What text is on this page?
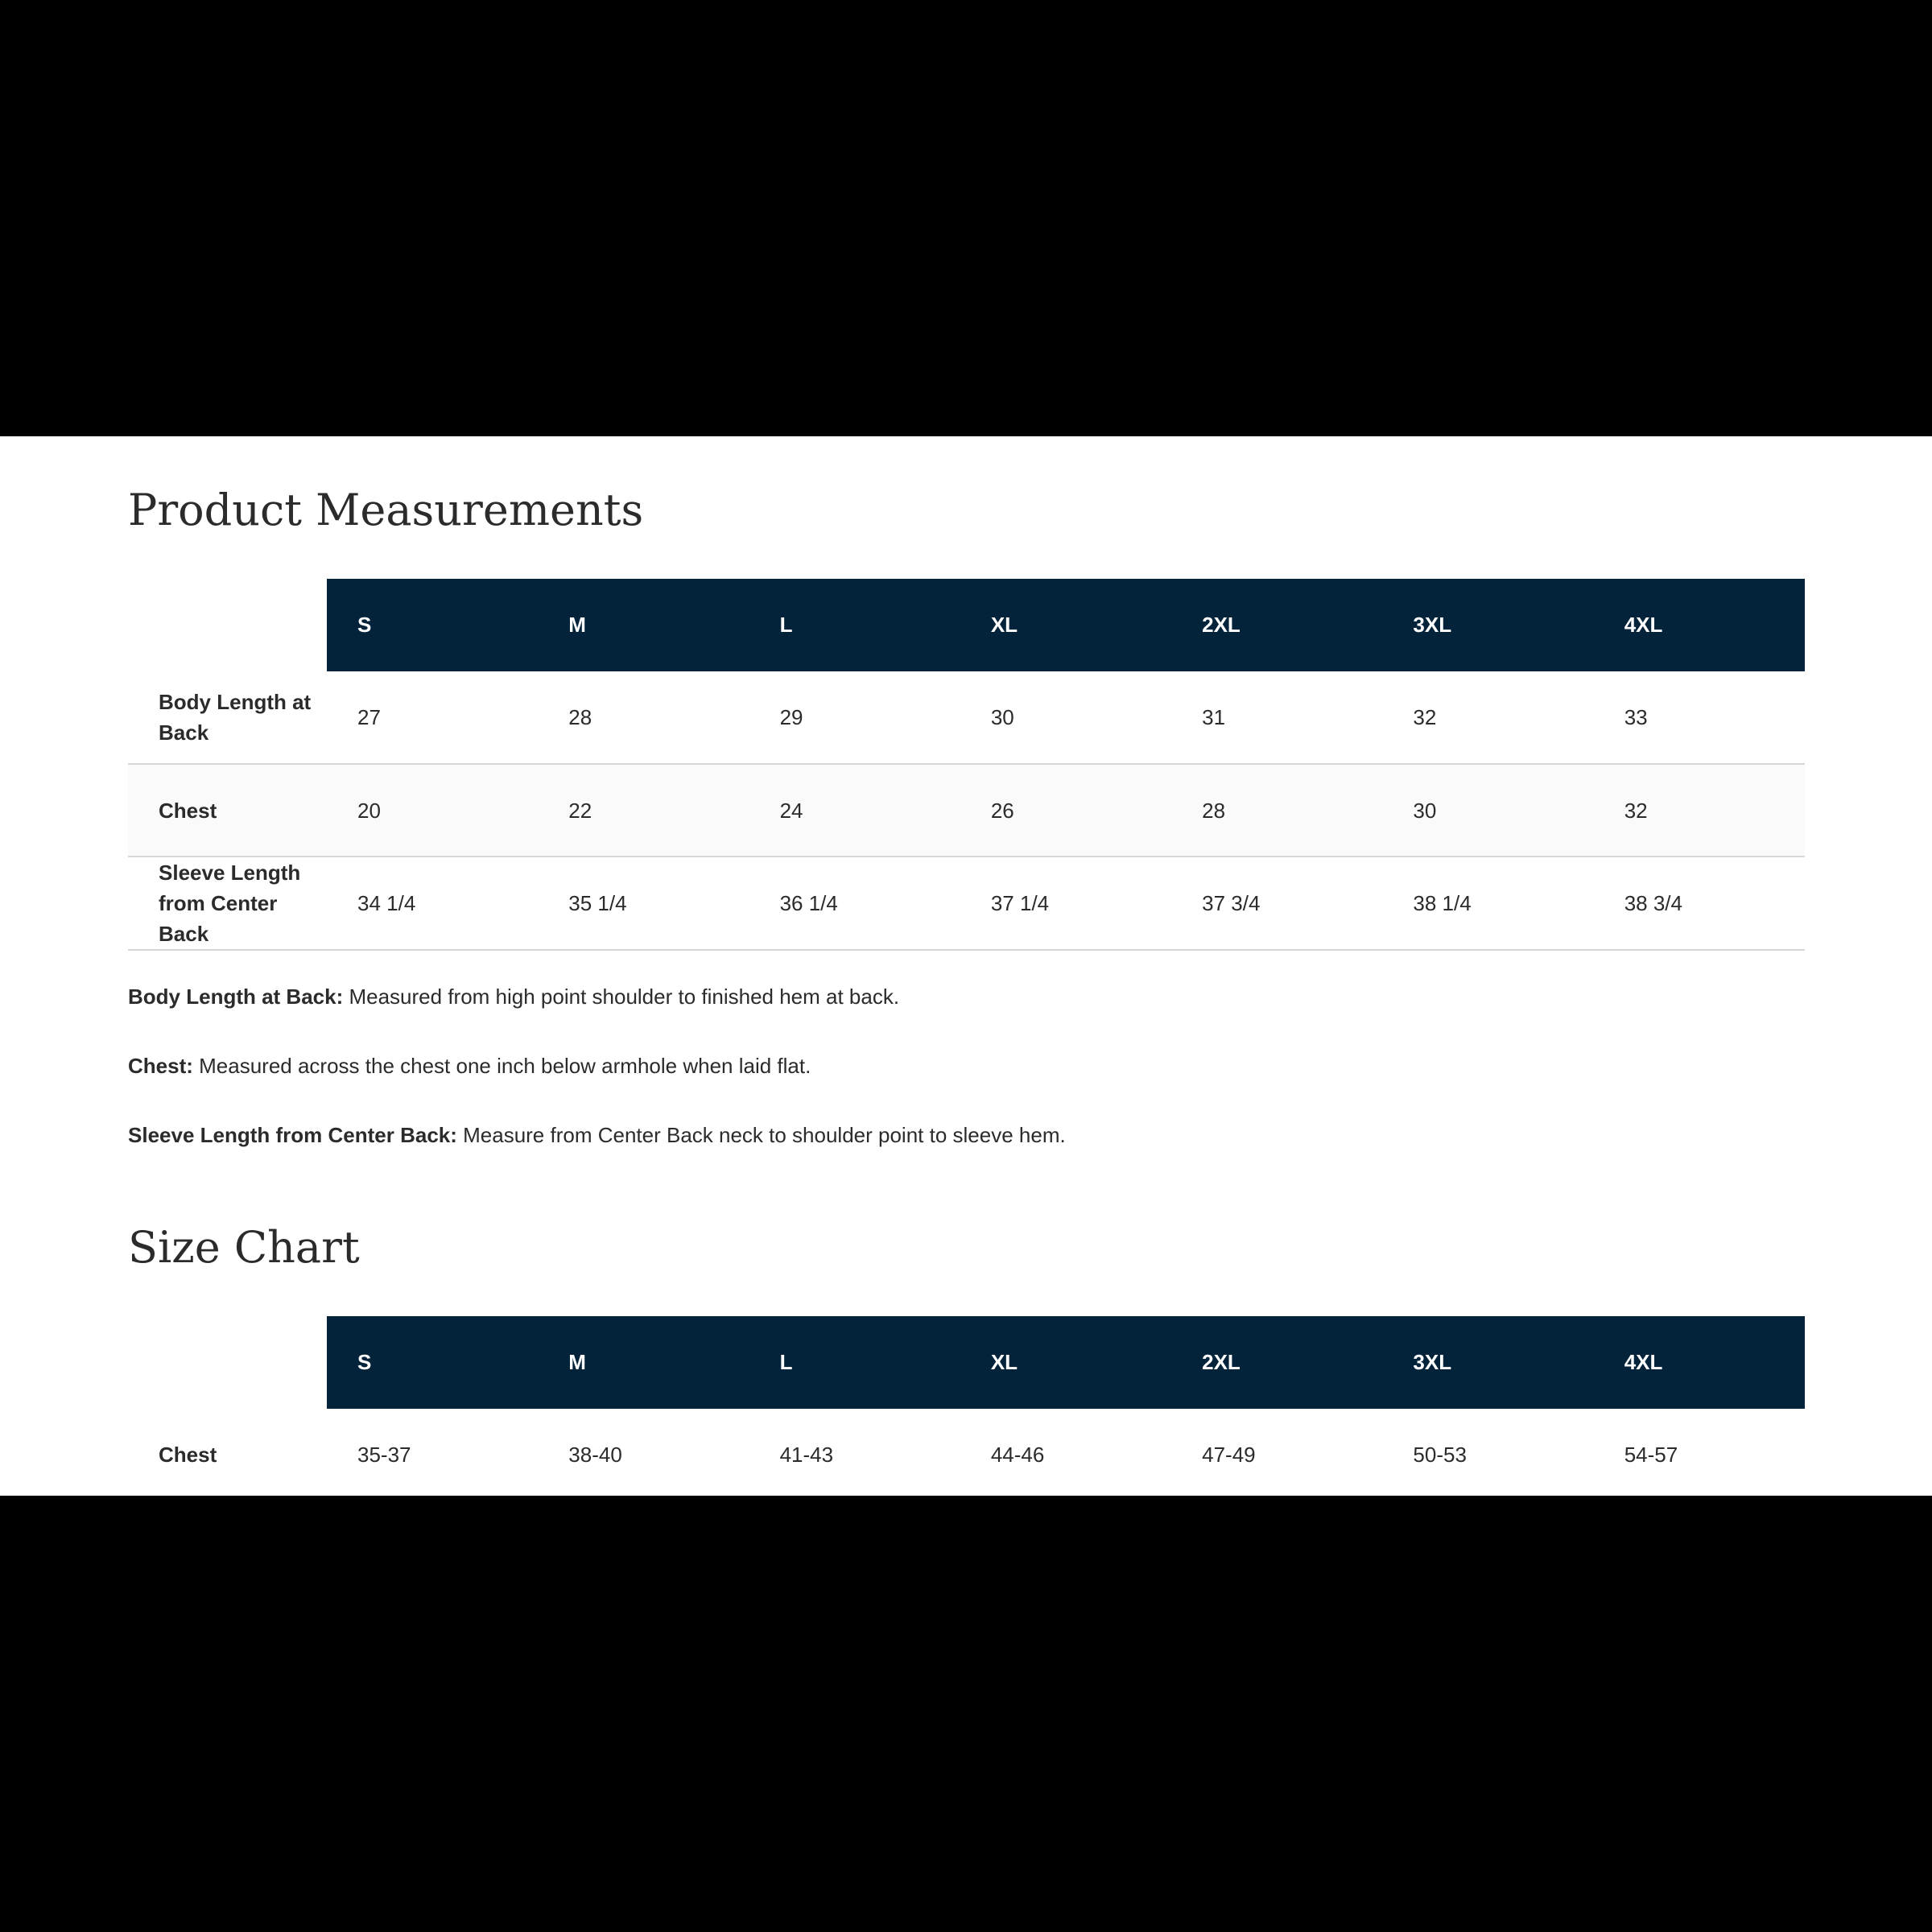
Product Measurements
	S	M	L	XL	2XL	3XL	4XL
Body Length at Back	27	28	29	30	31	32	33
Chest	20	22	24	26	28	30	32
Sleeve Length from Center Back	34 1/4	35 1/4	36 1/4	37 1/4	37 3/4	38 1/4	38 3/4

Body Length at Back: Measured from high point shoulder to finished hem at back.

Chest: Measured across the chest one inch below armhole when laid flat.

Sleeve Length from Center Back: Measure from Center Back neck to shoulder point to sleeve hem.

Size Chart
	S	M	L	XL	2XL	3XL	4XL
Chest	35-37	38-40	41-43	44-46	47-49	50-53	54-57
